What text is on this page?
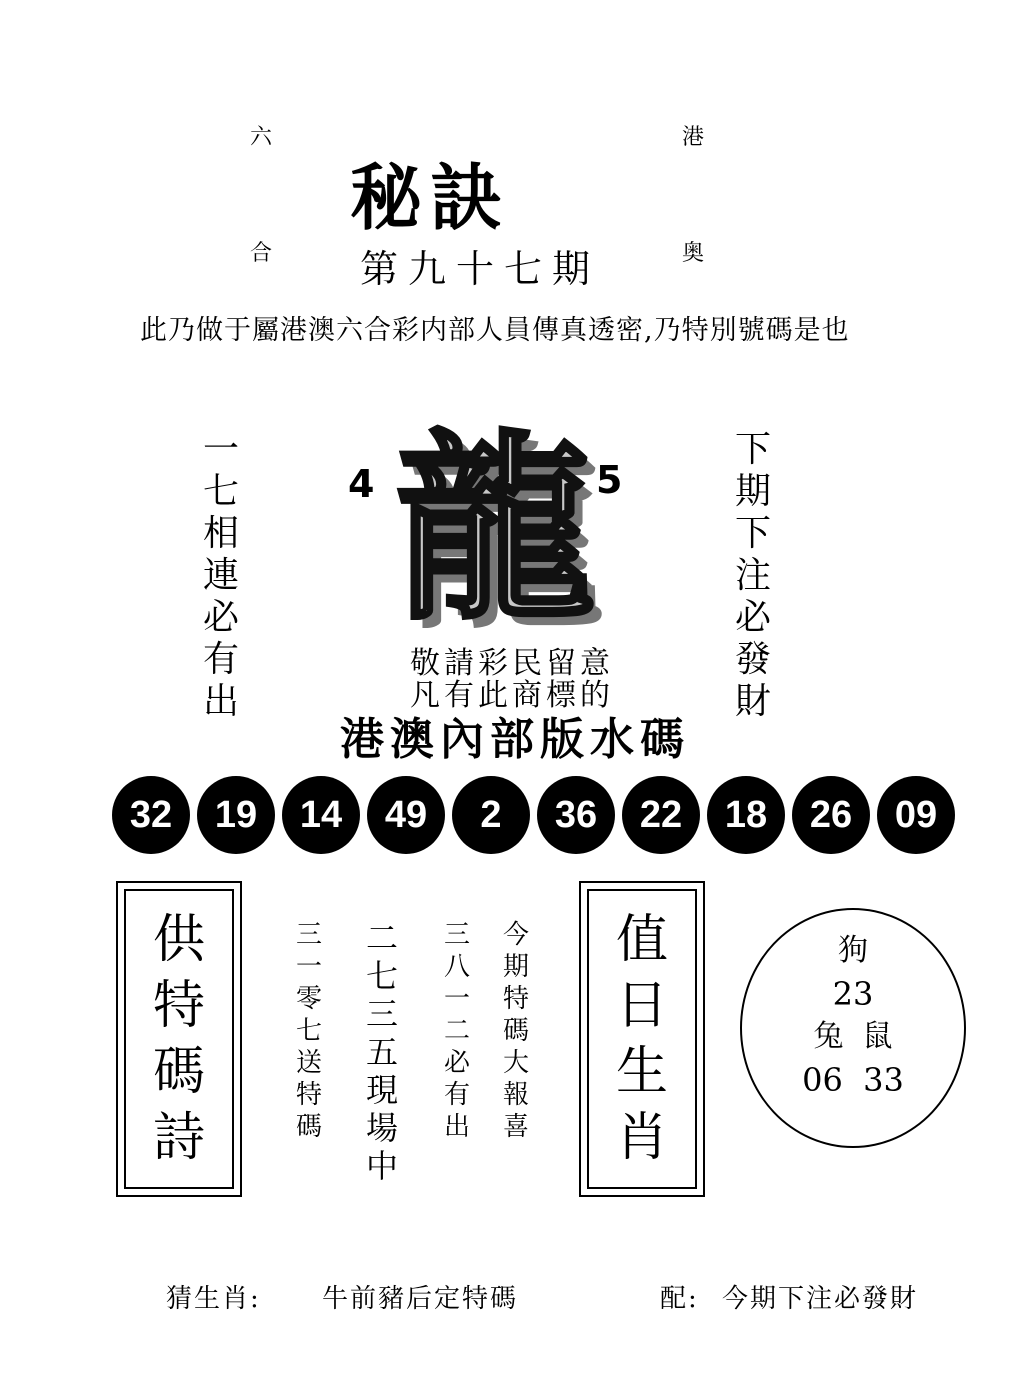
六	港
合	奥
秘訣
第九十七期
此乃做于屬港澳六合彩内部人員傳真透密,乃特別號碼是也
一
七
相
連
必
有
出
下
期
下
注
必
發
財
4	5
龍
敬請彩民留意
凡有此商標的
港澳內部版水碼
32	19	14	49	2	36	22	18	26	09
供
特
碼
詩
三
一
零
七
送
特
碼
二
七
三
五
現
場
中
三
八
一
二
必
有
出
今
期
特
碼
大
報
喜
值
日
生
肖
狗
23
兔  鼠
06  33
猜生肖: 牛前豬后定特碼	配: 今期下注必發財
